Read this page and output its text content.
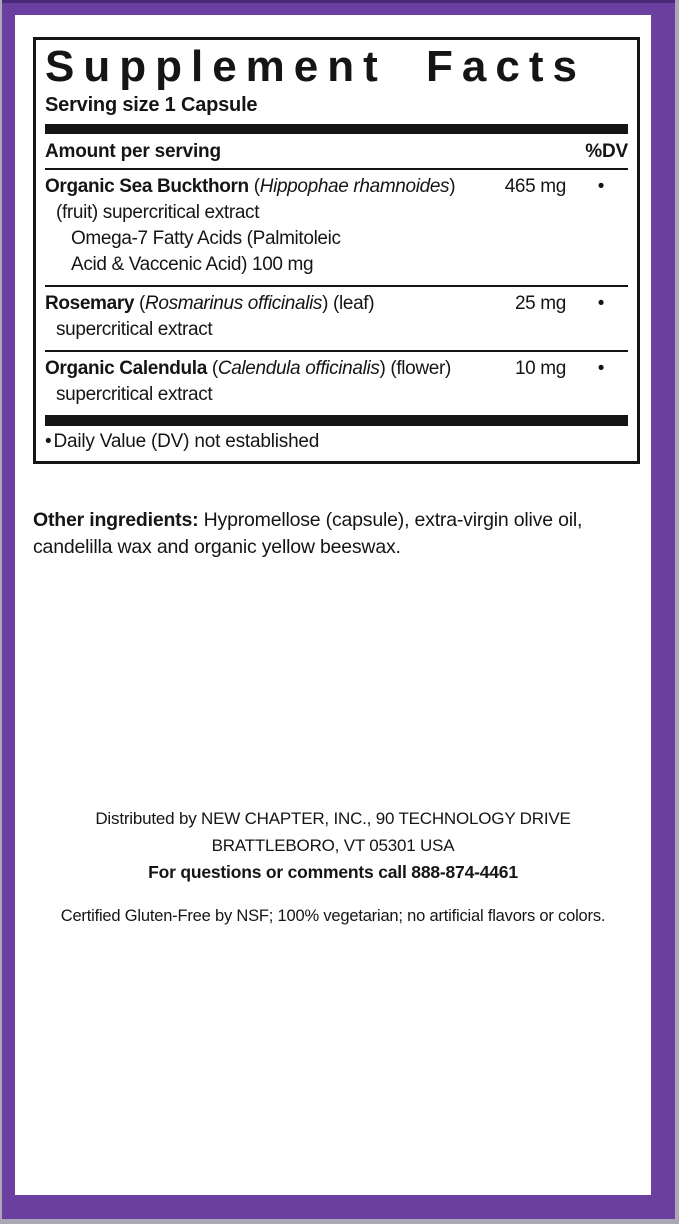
Supplement Facts
Serving size 1 Capsule
Amount per serving	%DV
Organic Sea Buckthorn (Hippophae rhamnoides)	465 mg	•
(fruit) supercritical extract
Omega-7 Fatty Acids (Palmitoleic
Acid & Vaccenic Acid) 100 mg
Rosemary (Rosmarinus officinalis) (leaf)	25 mg	•
supercritical extract
Organic Calendula (Calendula officinalis) (flower)	10 mg	•
supercritical extract
• Daily Value (DV) not established

Other ingredients: Hypromellose (capsule), extra-virgin olive oil, candelilla wax and organic yellow beeswax.

Distributed by NEW CHAPTER, INC., 90 TECHNOLOGY DRIVE
BRATTLEBORO, VT 05301 USA
For questions or comments call 888-874-4461
Certified Gluten-Free by NSF; 100% vegetarian; no artificial flavors or colors.
